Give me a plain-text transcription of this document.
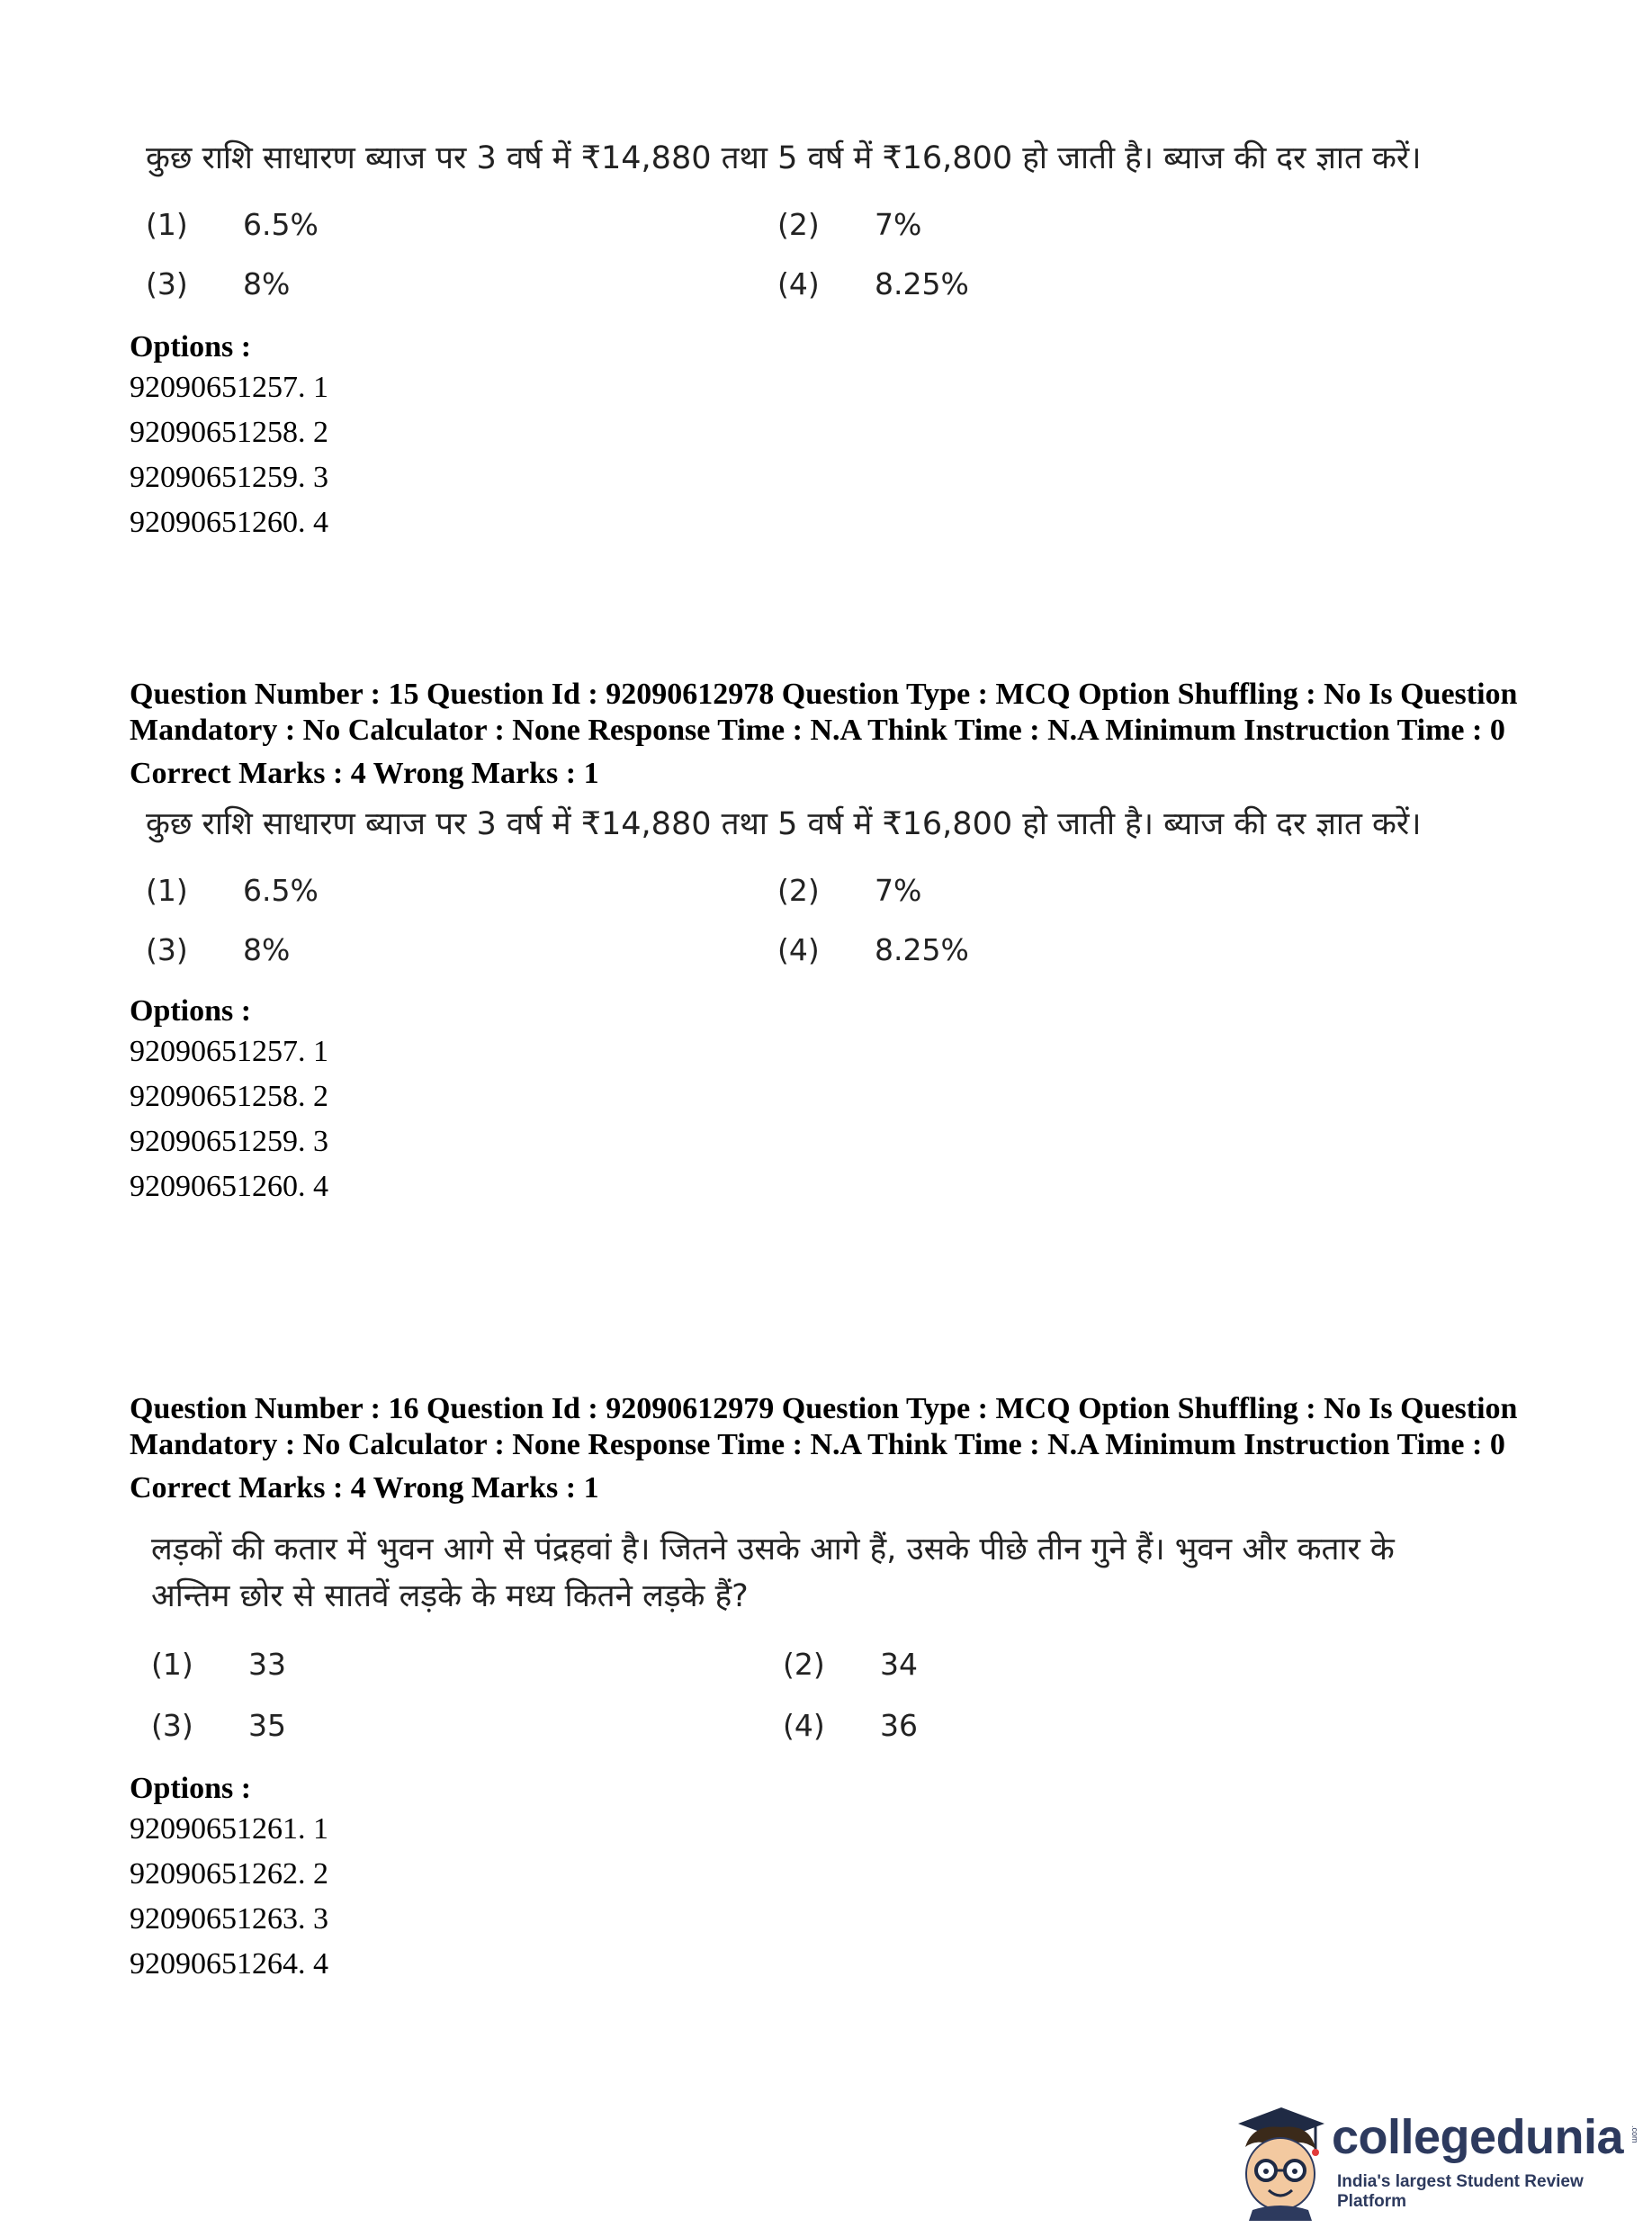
कुछ राशि साधारण ब्याज पर 3 वर्ष में ₹14,880 तथा 5 वर्ष में ₹16,800 हो जाती है। ब्याज की दर ज्ञात करें।
(1)	6.5%	(2)	7%
(3)	8%	(4)	8.25%
Options :
92090651257. 1
92090651258. 2
92090651259. 3
92090651260. 4
Question Number : 15 Question Id : 92090612978 Question Type : MCQ Option Shuffling : No Is Question Mandatory : No Calculator : None Response Time : N.A Think Time : N.A Minimum Instruction Time : 0
Correct Marks : 4 Wrong Marks : 1
कुछ राशि साधारण ब्याज पर 3 वर्ष में ₹14,880 तथा 5 वर्ष में ₹16,800 हो जाती है। ब्याज की दर ज्ञात करें।
(1)	6.5%	(2)	7%
(3)	8%	(4)	8.25%
Options :
92090651257. 1
92090651258. 2
92090651259. 3
92090651260. 4
Question Number : 16 Question Id : 92090612979 Question Type : MCQ Option Shuffling : No Is Question Mandatory : No Calculator : None Response Time : N.A Think Time : N.A Minimum Instruction Time : 0
Correct Marks : 4 Wrong Marks : 1
लड़कों की कतार में भुवन आगे से पंद्रहवां है। जितने उसके आगे हैं, उसके पीछे तीन गुने हैं। भुवन और कतार के अन्तिम छोर से सातवें लड़के के मध्य कितने लड़के हैं?
(1)	33	(2)	34
(3)	35	(4)	36
Options :
92090651261. 1
92090651262. 2
92090651263. 3
92090651264. 4
collegedunia .com
India's largest Student Review Platform
